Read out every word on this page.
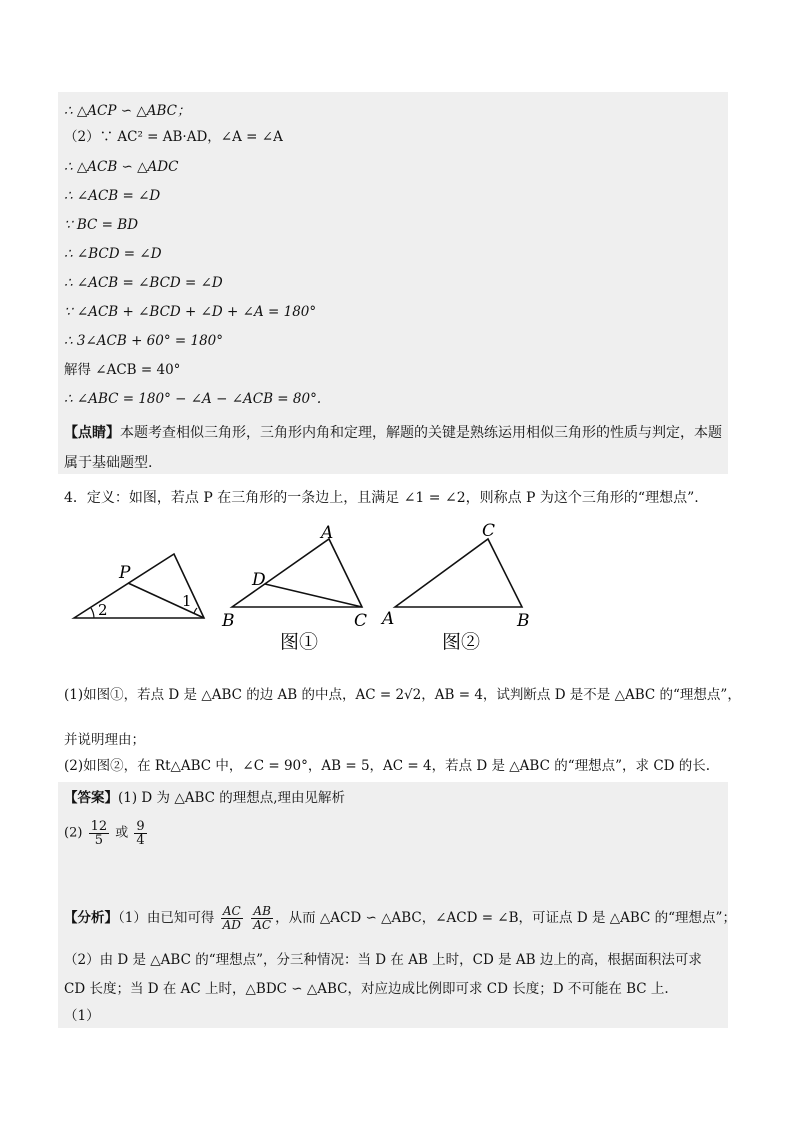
∴ △ACP ∽ △ABC；
（2）∵ AC² = AB·AD，∠A = ∠A
∴ △ACB ∽ △ADC
∴ ∠ACB = ∠D
∵ BC = BD
∴ ∠BCD = ∠D
∴ ∠ACB = ∠BCD = ∠D
∵ ∠ACB + ∠BCD + ∠D + ∠A = 180°
∴ 3∠ACB + 60° = 180°
解得 ∠ACB = 40°
∴ ∠ABC = 180° − ∠A − ∠ACB = 80°.
【点睛】本题考查相似三角形，三角形内角和定理，解题的关键是熟练运用相似三角形的性质与判定，本题属于基础题型.
4．定义：如图，若点 P 在三角形的一条边上，且满足 ∠1 = ∠2，则称点 P 为这个三角形的“理想点”.
P
2	1
A
D
B	C
图①
C
A	B
图②
(1)如图①，若点 D 是 △ABC 的边 AB 的中点，AC = 2√2，AB = 4，试判断点 D 是不是 △ABC 的“理想点”，
并说明理由；
(2)如图②，在 Rt△ABC 中，∠C = 90°，AB = 5，AC = 4，若点 D 是 △ABC 的“理想点”，求 CD 的长.
【答案】(1) D 为 △ABC 的理想点,理由见解析
$(2) \frac{12}{5}$ 或 $\frac{9}{4}$
【分析】（1）由已知可得 $\frac{AC}{AD}$
$\frac{AB}{AC}$ ，从而 △ACD ∽ △ABC，∠ACD = ∠B，可证点 D 是 △ABC 的“理想点”；
（2）由 D 是 △ABC 的“理想点”，分三种情况：当 D 在 AB 上时，CD 是 AB 边上的高，根据面积法可求
CD 长度；当 D 在 AC 上时，△BDC ∽ △ABC，对应边成比例即可求 CD 长度；D 不可能在 BC 上.
（1）
